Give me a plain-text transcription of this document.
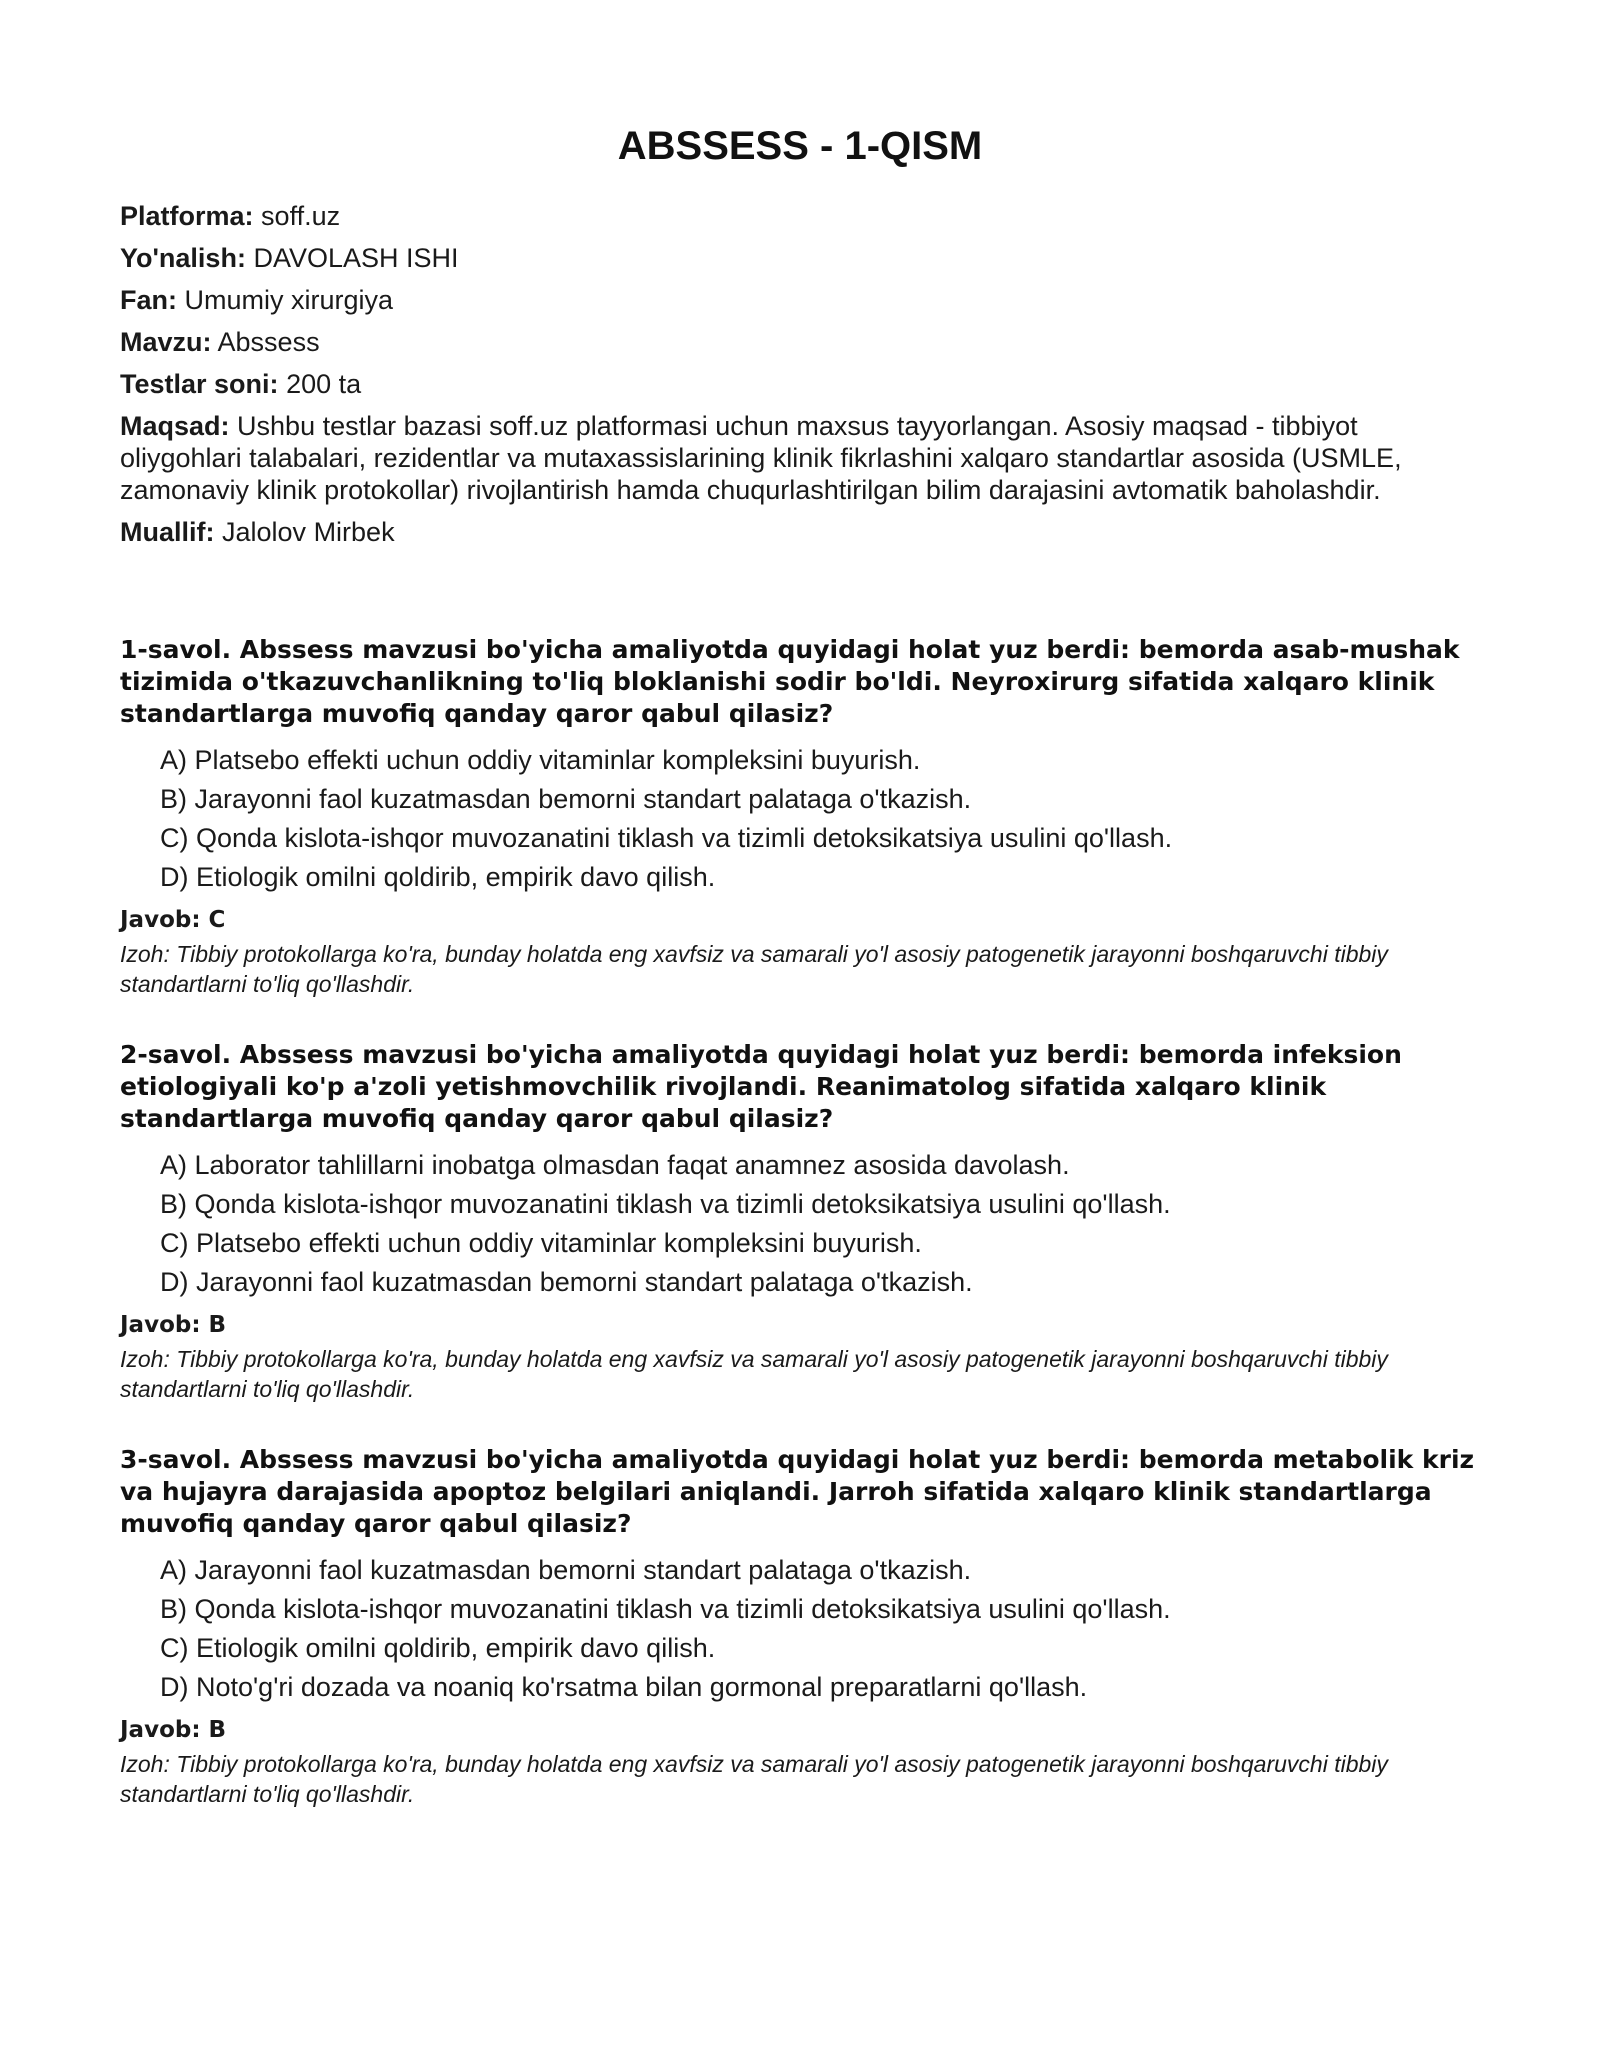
ABSSESS - 1-QISM
Platforma: soff.uz
Yo'nalish: DAVOLASH ISHI
Fan: Umumiy xirurgiya
Mavzu: Abssess
Testlar soni: 200 ta
Maqsad: Ushbu testlar bazasi soff.uz platformasi uchun maxsus tayyorlangan. Asosiy maqsad - tibbiyot oliygohlari talabalari, rezidentlar va mutaxassislarining klinik fikrlashini xalqaro standartlar asosida (USMLE, zamonaviy klinik protokollar) rivojlantirish hamda chuqurlashtirilgan bilim darajasini avtomatik baholashdir.
Muallif: Jalolov Mirbek
1-savol. Abssess mavzusi bo'yicha amaliyotda quyidagi holat yuz berdi: bemorda asab-mushak tizimida o'tkazuvchanlikning to'liq bloklanishi sodir bo'ldi. Neyroxirurg sifatida xalqaro klinik standartlarga muvofiq qanday qaror qabul qilasiz?
A) Platsebo effekti uchun oddiy vitaminlar kompleksini buyurish.
B) Jarayonni faol kuzatmasdan bemorni standart palataga o'tkazish.
C) Qonda kislota-ishqor muvozanatini tiklash va tizimli detoksikatsiya usulini qo'llash.
D) Etiologik omilni qoldirib, empirik davo qilish.
Javob: C
Izoh: Tibbiy protokollarga ko'ra, bunday holatda eng xavfsiz va samarali yo'l asosiy patogenetik jarayonni boshqaruvchi tibbiy standartlarni to'liq qo'llashdir.
2-savol. Abssess mavzusi bo'yicha amaliyotda quyidagi holat yuz berdi: bemorda infeksion etiologiyali ko'p a'zoli yetishmovchilik rivojlandi. Reanimatolog sifatida xalqaro klinik standartlarga muvofiq qanday qaror qabul qilasiz?
A) Laborator tahlillarni inobatga olmasdan faqat anamnez asosida davolash.
B) Qonda kislota-ishqor muvozanatini tiklash va tizimli detoksikatsiya usulini qo'llash.
C) Platsebo effekti uchun oddiy vitaminlar kompleksini buyurish.
D) Jarayonni faol kuzatmasdan bemorni standart palataga o'tkazish.
Javob: B
Izoh: Tibbiy protokollarga ko'ra, bunday holatda eng xavfsiz va samarali yo'l asosiy patogenetik jarayonni boshqaruvchi tibbiy standartlarni to'liq qo'llashdir.
3-savol. Abssess mavzusi bo'yicha amaliyotda quyidagi holat yuz berdi: bemorda metabolik kriz va hujayra darajasida apoptoz belgilari aniqlandi. Jarroh sifatida xalqaro klinik standartlarga muvofiq qanday qaror qabul qilasiz?
A) Jarayonni faol kuzatmasdan bemorni standart palataga o'tkazish.
B) Qonda kislota-ishqor muvozanatini tiklash va tizimli detoksikatsiya usulini qo'llash.
C) Etiologik omilni qoldirib, empirik davo qilish.
D) Noto'g'ri dozada va noaniq ko'rsatma bilan gormonal preparatlarni qo'llash.
Javob: B
Izoh: Tibbiy protokollarga ko'ra, bunday holatda eng xavfsiz va samarali yo'l asosiy patogenetik jarayonni boshqaruvchi tibbiy standartlarni to'liq qo'llashdir.
